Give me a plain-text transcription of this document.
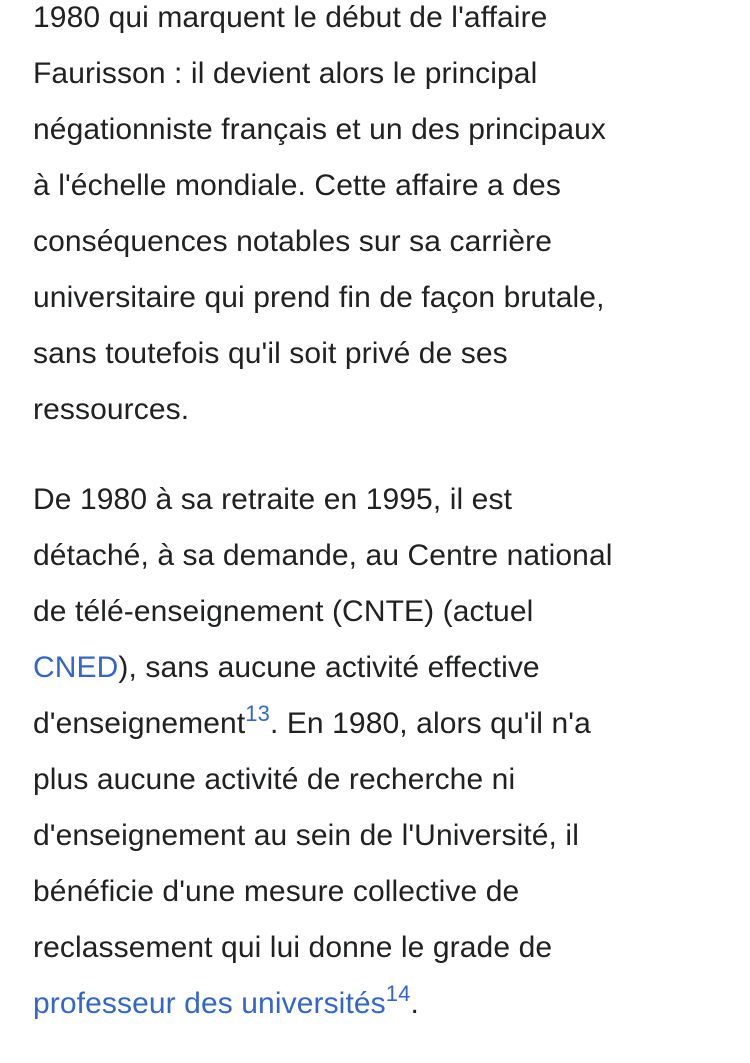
1980 qui marquent le début de l'affaire
Faurisson : il devient alors le principal
négationniste français et un des principaux
à l'échelle mondiale. Cette affaire a des
conséquences notables sur sa carrière
universitaire qui prend fin de façon brutale,
sans toutefois qu'il soit privé de ses
ressources.

De 1980 à sa retraite en 1995, il est
détaché, à sa demande, au Centre national
de télé-enseignement (CNTE) (actuel
CNED), sans aucune activité effective
d'enseignement$^{13}$. En 1980, alors qu'il n'a
plus aucune activité de recherche ni
d'enseignement au sein de l'Université, il
bénéficie d'une mesure collective de
reclassement qui lui donne le grade de
professeur des universités$^{14}$.
